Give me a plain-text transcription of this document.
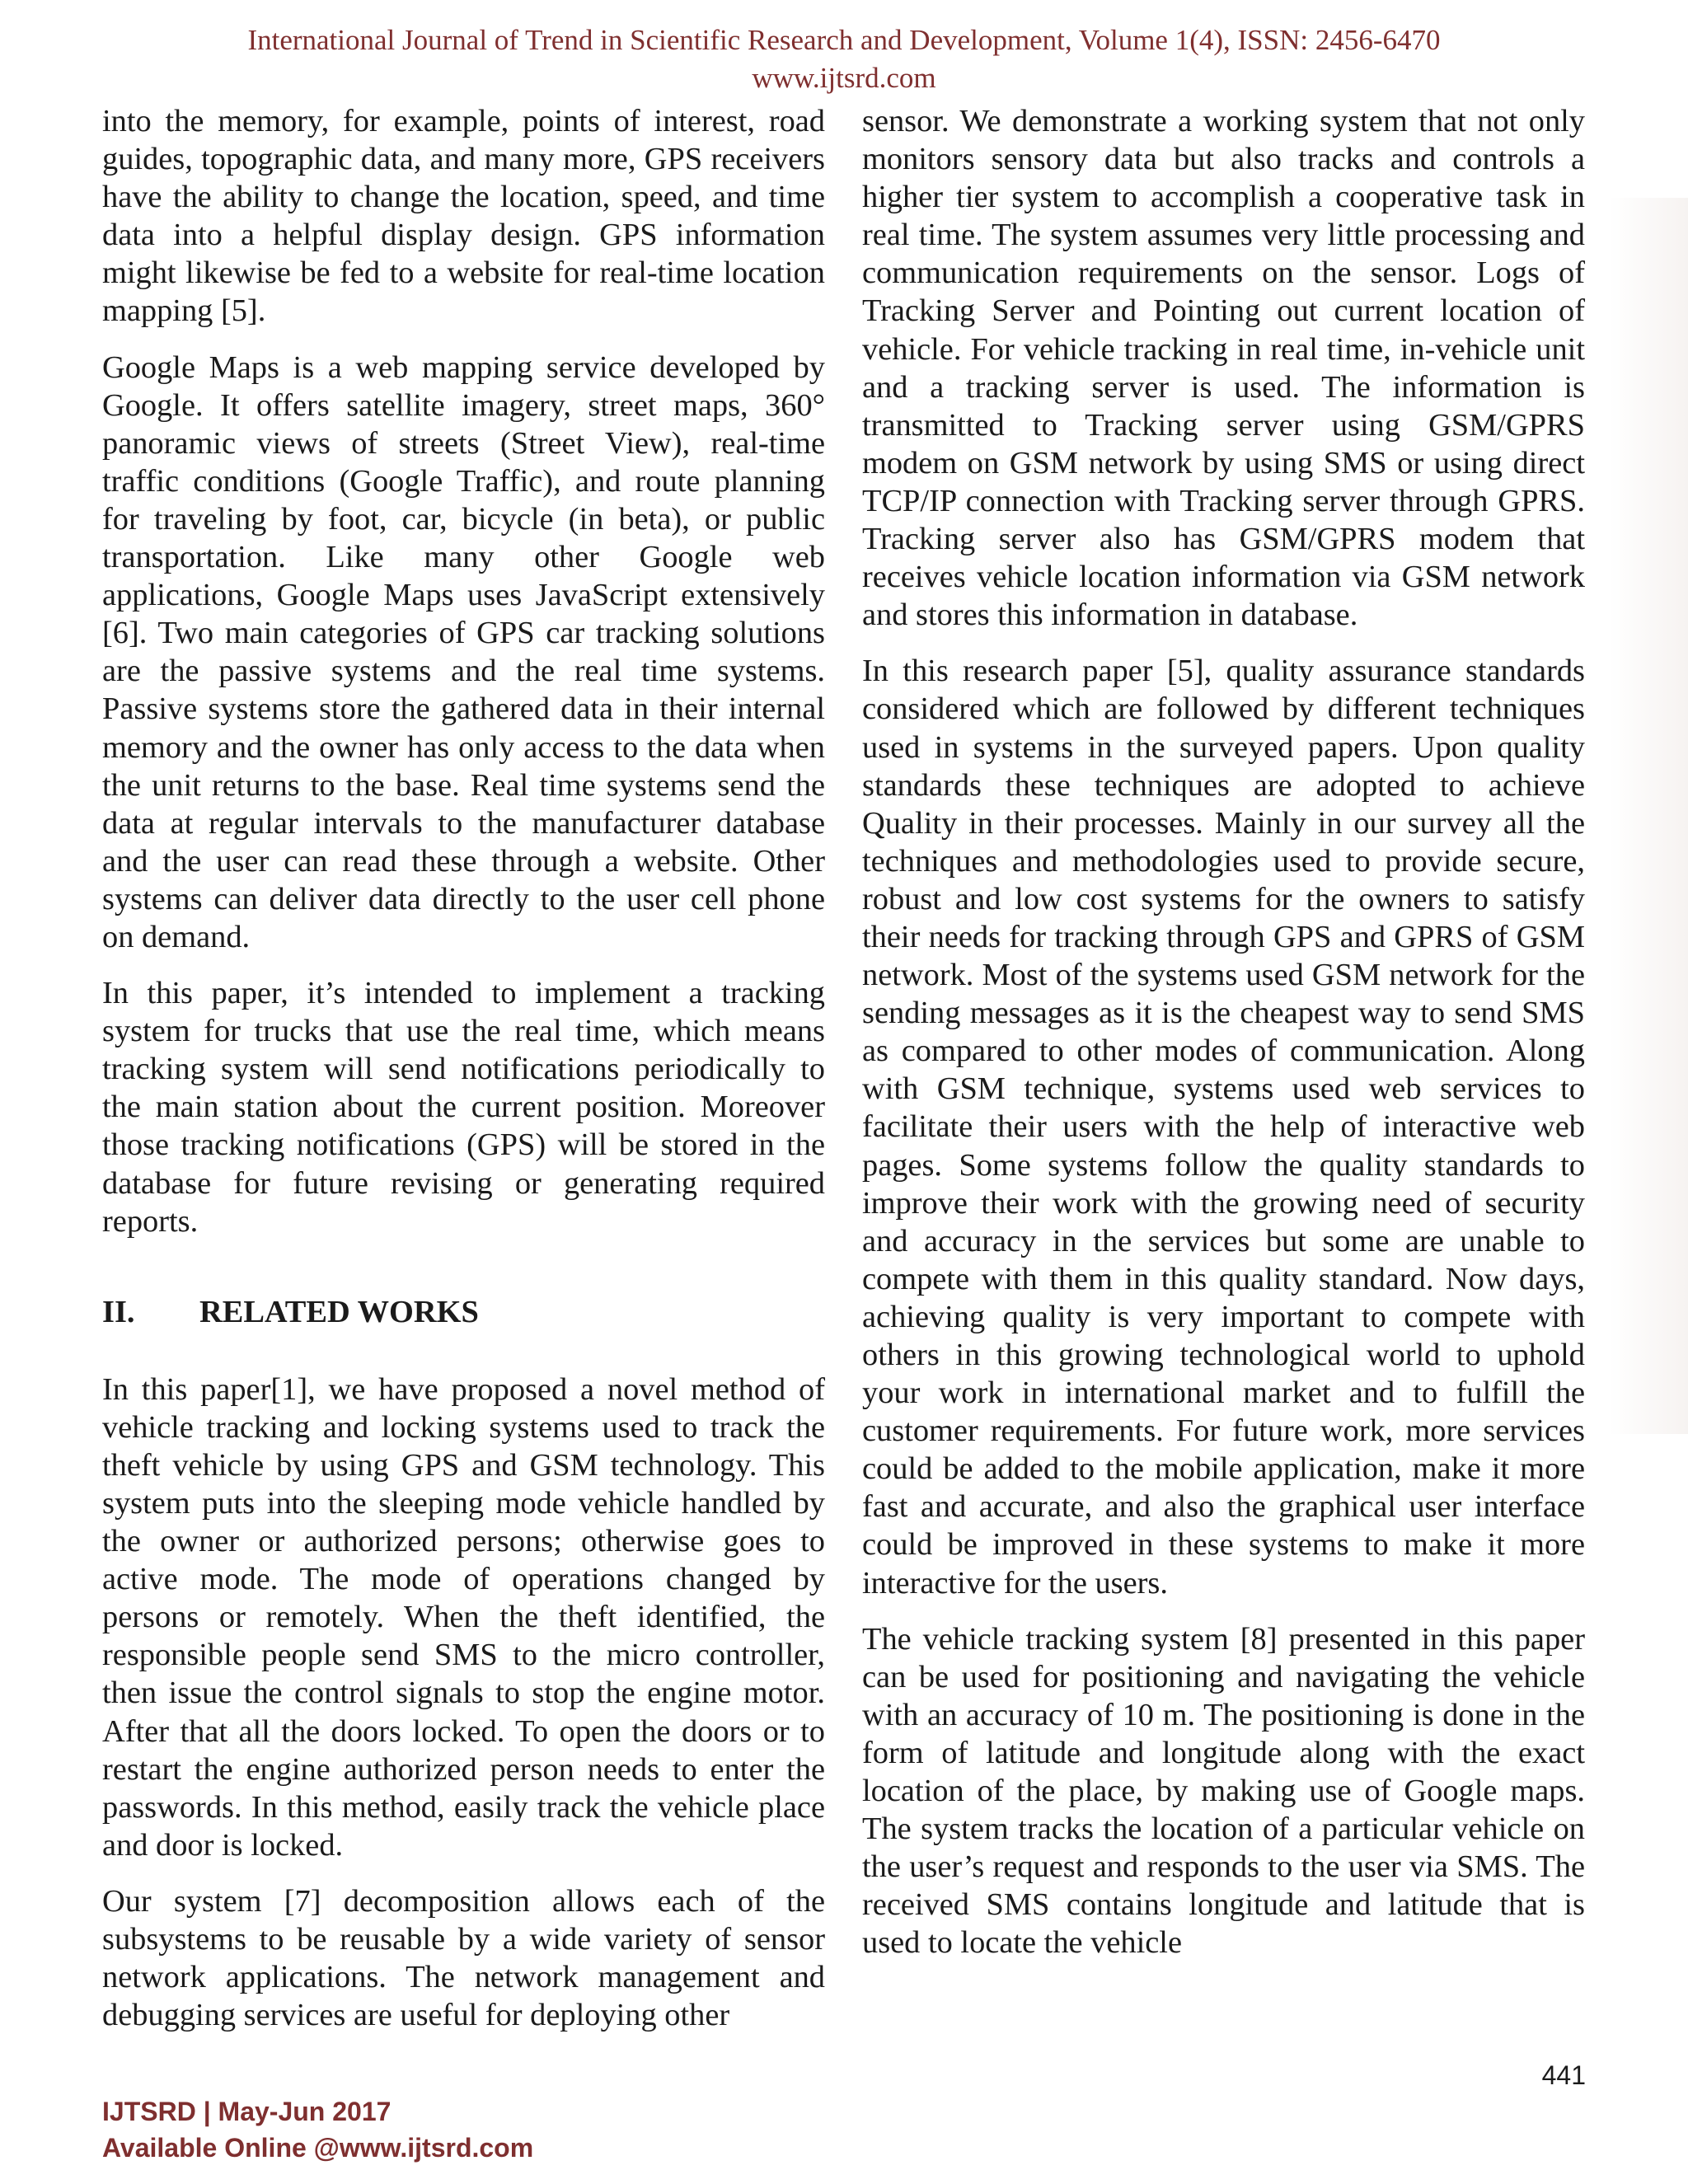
International Journal of Trend in Scientific Research and Development, Volume 1(4), ISSN: 2456-6470
www.ijtsrd.com

into the memory, for example, points of interest, road guides, topographic data, and many more, GPS receivers have the ability to change the location, speed, and time data into a helpful display design. GPS information might likewise be fed to a website for real-time location mapping [5].

Google Maps is a web mapping service developed by Google. It offers satellite imagery, street maps, 360° panoramic views of streets (Street View), real-time traffic conditions (Google Traffic), and route planning for traveling by foot, car, bicycle (in beta), or public transportation. Like many other Google web applications, Google Maps uses JavaScript extensively [6]. Two main categories of GPS car tracking solutions are the passive systems and the real time systems. Passive systems store the gathered data in their internal memory and the owner has only access to the data when the unit returns to the base. Real time systems send the data at regular intervals to the manufacturer database and the user can read these through a website. Other systems can deliver data directly to the user cell phone on demand.

In this paper, it’s intended to implement a tracking system for trucks that use the real time, which means tracking system will send notifications periodically to the main station about the current position. Moreover those tracking notifications (GPS) will be stored in the database for future revising or generating required reports.

II.	RELATED WORKS

In this paper[1], we have proposed a novel method of vehicle tracking and locking systems used to track the theft vehicle by using GPS and GSM technology. This system puts into the sleeping mode vehicle handled by the owner or authorized persons; otherwise goes to active mode. The mode of operations changed by persons or remotely. When the theft identified, the responsible people send SMS to the micro controller, then issue the control signals to stop the engine motor. After that all the doors locked. To open the doors or to restart the engine authorized person needs to enter the passwords. In this method, easily track the vehicle place and door is locked.

Our system [7] decomposition allows each of the subsystems to be reusable by a wide variety of sensor network applications. The network management and debugging services are useful for deploying other

sensor. We demonstrate a working system that not only monitors sensory data but also tracks and controls a higher tier system to accomplish a cooperative task in real time. The system assumes very little processing and communication requirements on the sensor. Logs of Tracking Server and Pointing out current location of vehicle. For vehicle tracking in real time, in-vehicle unit and a tracking server is used. The information is transmitted to Tracking server using GSM/GPRS modem on GSM network by using SMS or using direct TCP/IP connection with Tracking server through GPRS. Tracking server also has GSM/GPRS modem that receives vehicle location information via GSM network and stores this information in database.

In this research paper [5], quality assurance standards considered which are followed by different techniques used in systems in the surveyed papers. Upon quality standards these techniques are adopted to achieve Quality in their processes. Mainly in our survey all the techniques and methodologies used to provide secure, robust and low cost systems for the owners to satisfy their needs for tracking through GPS and GPRS of GSM network. Most of the systems used GSM network for the sending messages as it is the cheapest way to send SMS as compared to other modes of communication. Along with GSM technique, systems used web services to facilitate their users with the help of interactive web pages. Some systems follow the quality standards to improve their work with the growing need of security and accuracy in the services but some are unable to compete with them in this quality standard. Now days, achieving quality is very important to compete with others in this growing technological world to uphold your work in international market and to fulfill the customer requirements. For future work, more services could be added to the mobile application, make it more fast and accurate, and also the graphical user interface could be improved in these systems to make it more interactive for the users.

The vehicle tracking system [8] presented in this paper can be used for positioning and navigating the vehicle with an accuracy of 10 m. The positioning is done in the form of latitude and longitude along with the exact location of the place, by making use of Google maps. The system tracks the location of a particular vehicle on the user’s request and responds to the user via SMS. The received SMS contains longitude and latitude that is used to locate the vehicle

441
IJTSRD | May-Jun 2017
Available Online @www.ijtsrd.com
